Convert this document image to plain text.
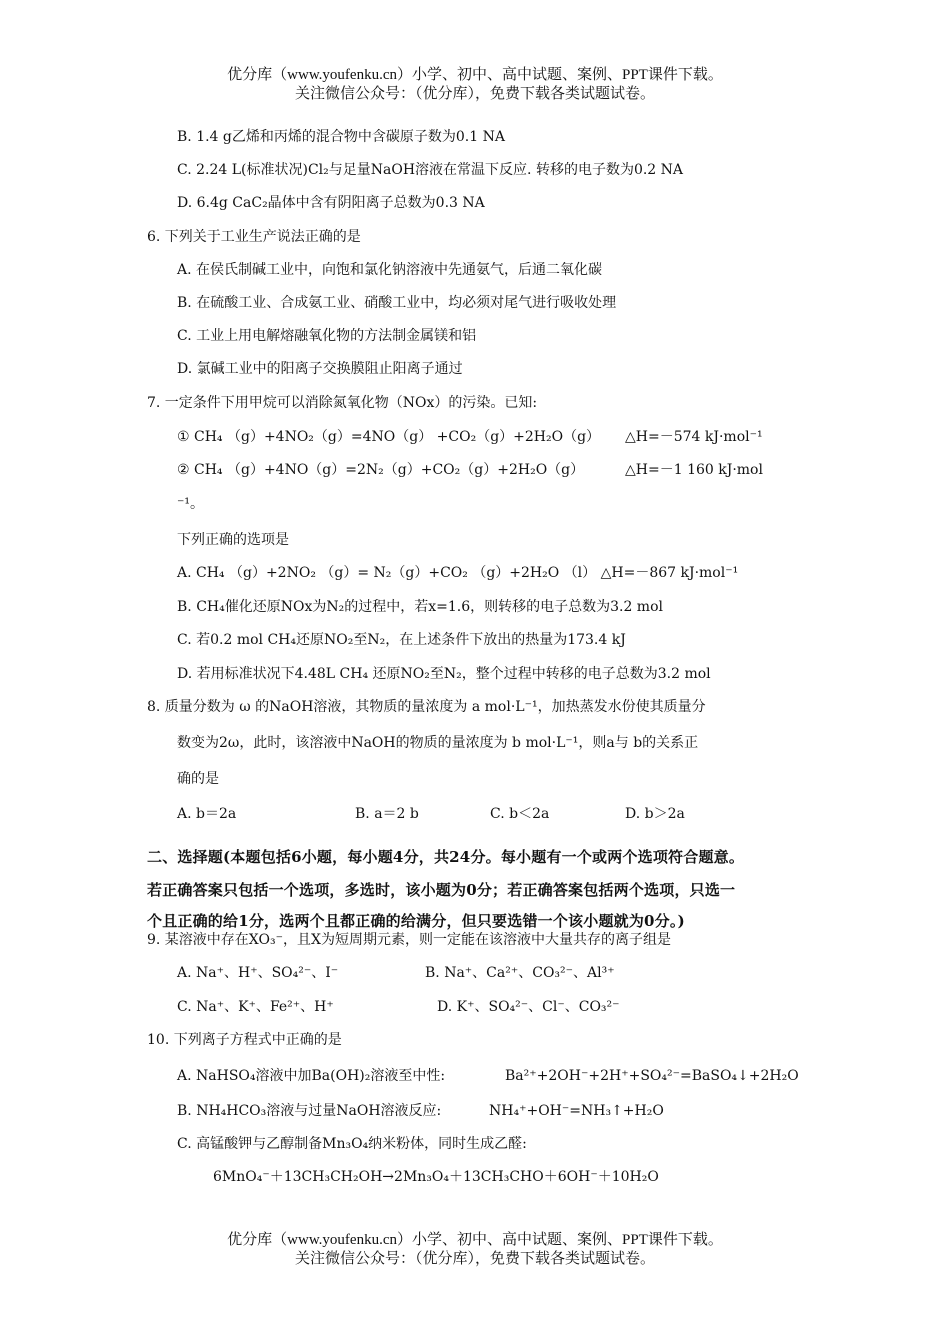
优分库（www.youfenku.cn）小学、初中、高中试题、案例、PPT课件下载。
关注微信公众号：（优分库），免费下载各类试题试卷。
B. 1.4 g乙烯和丙烯的混合物中含碳原子数为0.1 NA
C. 2.24 L(标准状况)Cl₂与足量NaOH溶液在常温下反应. 转移的电子数为0.2 NA
D. 6.4g CaC₂晶体中含有阴阳离子总数为0.3 NA
6. 下列关于工业生产说法正确的是
A. 在侯氏制碱工业中，向饱和氯化钠溶液中先通氨气，后通二氧化碳
B. 在硫酸工业、合成氨工业、硝酸工业中，均必须对尾气进行吸收处理
C. 工业上用电解熔融氧化物的方法制金属镁和铝
D. 氯碱工业中的阳离子交换膜阻止阳离子通过
7. 一定条件下用甲烷可以消除氮氧化物（NOx）的污染。已知:
① CH₄ （g）+4NO₂（g）=4NO（g） +CO₂（g）+2H₂O（g） △H=－574 kJ·mol⁻¹
② CH₄ （g）+4NO（g）=2N₂（g）+CO₂（g）+2H₂O（g）	△H=－1 160 kJ·mol
⁻¹。
下列正确的选项是
A. CH₄ （g）+2NO₂ （g）= N₂（g）+CO₂ （g）+2H₂O （l） △H=－867 kJ·mol⁻¹
B. CH₄催化还原NOx为N₂的过程中，若x=1.6，则转移的电子总数为3.2 mol
C. 若0.2 mol CH₄还原NO₂至N₂，在上述条件下放出的热量为173.4 kJ
D. 若用标准状况下4.48L CH₄ 还原NO₂至N₂，整个过程中转移的电子总数为3.2 mol
8. 质量分数为 ω 的NaOH溶液，其物质的量浓度为 a mol·L⁻¹，加热蒸发水份使其质量分
数变为2ω，此时，该溶液中NaOH的物质的量浓度为 b mol·L⁻¹，则a与 b的关系正
确的是
A. b＝2a	B. a＝2 b	C. b＜2a	D. b＞2a
二、选择题(本题包括6小题，每小题4分，共24分。每小题有一个或两个选项符合题意。
若正确答案只包括一个选项，多选时，该小题为0分；若正确答案包括两个选项，只选一
个且正确的给1分，选两个且都正确的给满分，但只要选错一个该小题就为0分。)
9. 某溶液中存在XO₃⁻，且X为短周期元素，则一定能在该溶液中大量共存的离子组是
A. Na⁺、H⁺、SO₄²⁻、I⁻	B. Na⁺、Ca²⁺、CO₃²⁻、Al³⁺
C. Na⁺、K⁺、Fe²⁺、H⁺	D. K⁺、SO₄²⁻、Cl⁻、CO₃²⁻
10. 下列离子方程式中正确的是
A. NaHSO₄溶液中加Ba(OH)₂溶液至中性:	Ba²⁺+2OH⁻+2H⁺+SO₄²⁻=BaSO₄↓+2H₂O
B. NH₄HCO₃溶液与过量NaOH溶液反应:	NH₄⁺+OH⁻=NH₃↑+H₂O
C. 高锰酸钾与乙醇制备Mn₃O₄纳米粉体，同时生成乙醛:
6MnO₄⁻＋13CH₃CH₂OH→2Mn₃O₄＋13CH₃CHO＋6OH⁻＋10H₂O
优分库（www.youfenku.cn）小学、初中、高中试题、案例、PPT课件下载。
关注微信公众号：（优分库），免费下载各类试题试卷。
